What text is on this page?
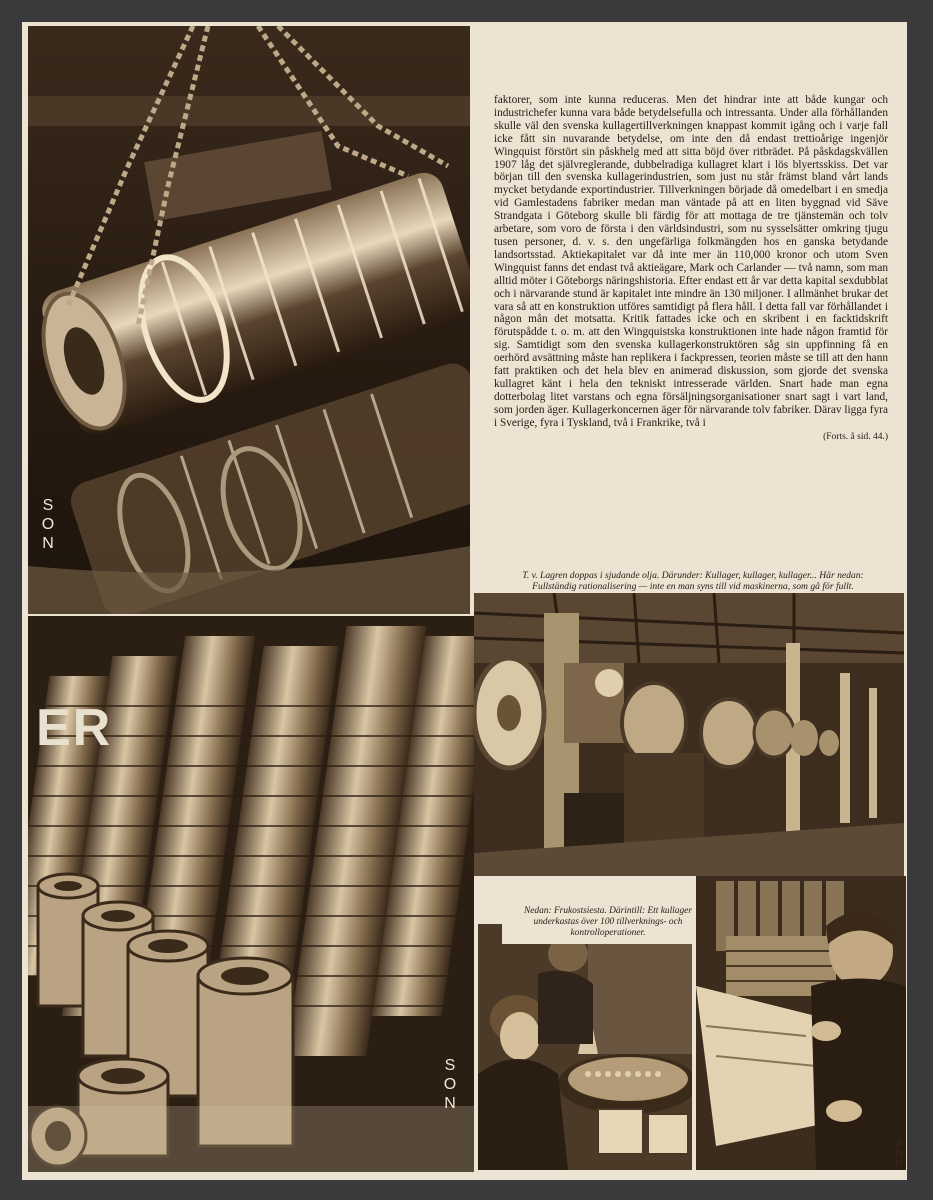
S
O
N

faktorer, som inte kunna reduceras. Men det hindrar inte att både kungar och industrichefer kunna vara både betydelsefulla och intressanta. Under alla förhållanden skulle väl den svenska kullagertillverkningen knappast kommit igång och i varje fall icke fått sin nuvarande betydelse, om inte den då endast trettioårige ingenjör Wingquist förstört sin påskhelg med att sitta böjd över ritbrädet. På påskdagskvällen 1907 låg det självreglerande, dubbelradiga kullagret klart i lös blyertsskiss. Det var början till den svenska kullagerindustrien, som just nu står främst bland vårt lands mycket betydande exportindustrier. Tillverkningen började då omedelbart i en smedja vid Gamlestadens fabriker medan man väntade på att en liten byggnad vid Säve Strandgata i Göteborg skulle bli färdig för att mottaga de tre tjänstemän och tolv arbetare, som voro de första i den världsindustri, som nu sysselsätter omkring tjugu tusen personer, d. v. s. den ungefärliga folkmängden hos en ganska betydande landsortsstad. Aktiekapitalet var då inte mer än 110,000 kronor och utom Sven Wingquist fanns det endast två aktieägare, Mark och Carlander — två namn, som man alltid möter i Göteborgs näringshistoria. Efter endast ett år var detta kapital sexdubblat och i närvarande stund är kapitalet inte mindre än 130 miljoner. I allmänhet brukar det vara så att en konstruktion utföres samtidigt på flera håll. I detta fall var förhållandet i någon mån det motsatta. Kritik fattades icke och en skribent i en facktidskrift förutspådde t. o. m. att den Wingquistska konstruktionen inte hade någon framtid för sig. Samtidigt som den svenska kullagerkonstruktören såg sin uppfinning få en oerhörd avsättning måste han replikera i fackpressen, teorien måste se till att den hann fatt praktiken och det hela blev en animerad diskussion, som gjorde det svenska kullagret känt i hela den tekniskt intresserade världen. Snart hade man egna dotterbolag litet varstans och egna försäljningsorganisationer snart sagt i vart land, som jorden äger. Kullagerkoncernen äger för närvarande tolv fabriker. Därav ligga fyra i Sverige, fyra i Tyskland, två i Frankrike, två i

(Forts. å sid. 44.)
T. v. Lagren doppas i sjudande olja. Därunder: Kullager, kullager, kullager... Här nedan: Fullständig rationalisering — inte en man syns till vid maskinerna, som gå för fullt.
ER
S
O
N
Nedan: Frukostsiesta. Därintill: Ett kullager underkastas över 100 tillverknings- och kontrolloperationer.
S
O
N
